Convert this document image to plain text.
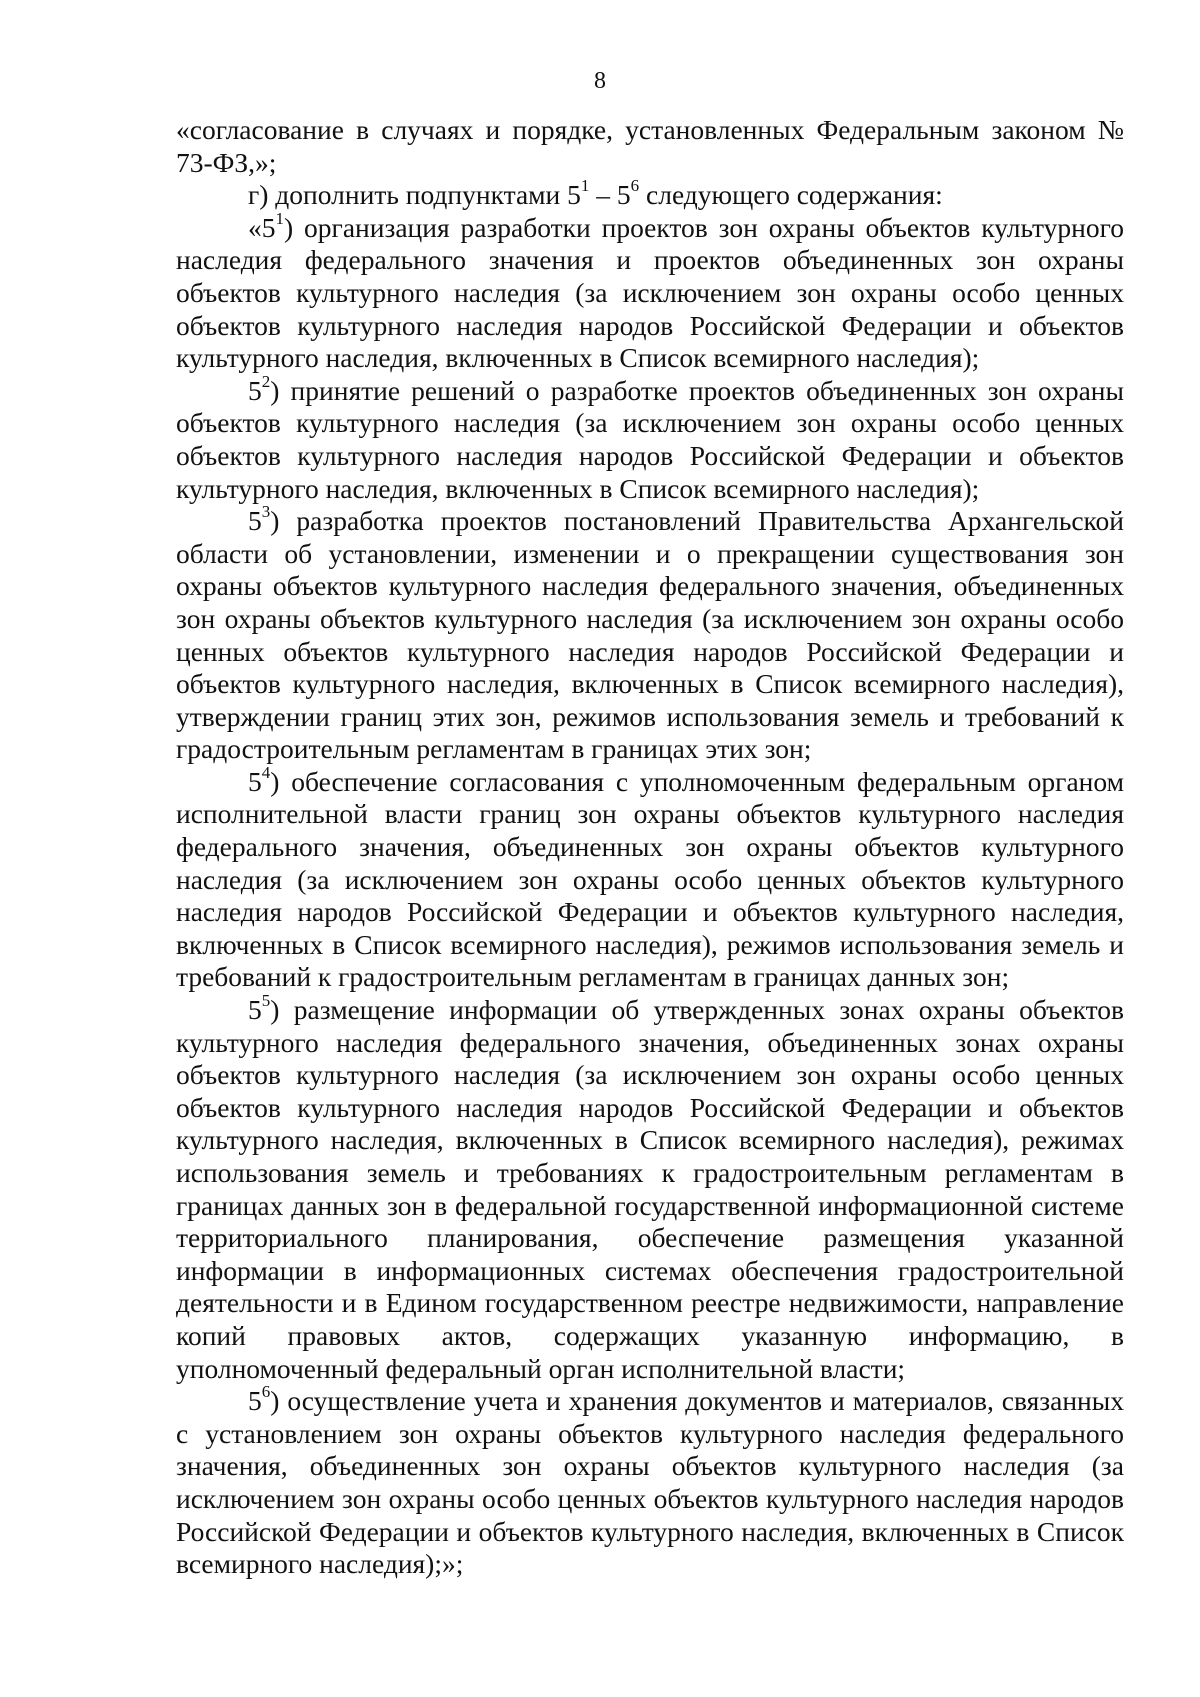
8

«согласование в случаях и порядке, установленных Федеральным законом № 73-ФЗ,»;

г) дополнить подпунктами $5^1 - 5^6$ следующего содержания:

«$5^1$) организация разработки проектов зон охраны объектов культурного наследия федерального значения и проектов объединенных зон охраны объектов культурного наследия (за исключением зон охраны особо ценных объектов культурного наследия народов Российской Федерации и объектов культурного наследия, включенных в Список всемирного наследия);

$5^2$) принятие решений о разработке проектов объединенных зон охраны объектов культурного наследия (за исключением зон охраны особо ценных объектов культурного наследия народов Российской Федерации и объектов культурного наследия, включенных в Список всемирного наследия);

$5^3$) разработка проектов постановлений Правительства Архангельской области об установлении, изменении и о прекращении существования зон охраны объектов культурного наследия федерального значения, объединенных зон охраны объектов культурного наследия (за исключением зон охраны особо ценных объектов культурного наследия народов Российской Федерации и объектов культурного наследия, включенных в Список всемирного наследия), утверждении границ этих зон, режимов использования земель и требований к градостроительным регламентам в границах этих зон;

$5^4$) обеспечение согласования с уполномоченным федеральным органом исполнительной власти границ зон охраны объектов культурного наследия федерального значения, объединенных зон охраны объектов культурного наследия (за исключением зон охраны особо ценных объектов культурного наследия народов Российской Федерации и объектов культурного наследия, включенных в Список всемирного наследия), режимов использования земель и требований к градостроительным регламентам в границах данных зон;

$5^5$) размещение информации об утвержденных зонах охраны объектов культурного наследия федерального значения, объединенных зонах охраны объектов культурного наследия (за исключением зон охраны особо ценных объектов культурного наследия народов Российской Федерации и объектов культурного наследия, включенных в Список всемирного наследия), режимах использования земель и требованиях к градостроительным регламентам в границах данных зон в федеральной государственной информационной системе территориального планирования, обеспечение размещения указанной информации в информационных системах обеспечения градостроительной деятельности и в Едином государственном реестре недвижимости, направление копий правовых актов, содержащих указанную информацию, в уполномоченный федеральный орган исполнительной власти;

$5^6$) осуществление учета и хранения документов и материалов, связанных с установлением зон охраны объектов культурного наследия федерального значения, объединенных зон охраны объектов культурного наследия (за исключением зон охраны особо ценных объектов культурного наследия народов Российской Федерации и объектов культурного наследия, включенных в Список всемирного наследия);»;
